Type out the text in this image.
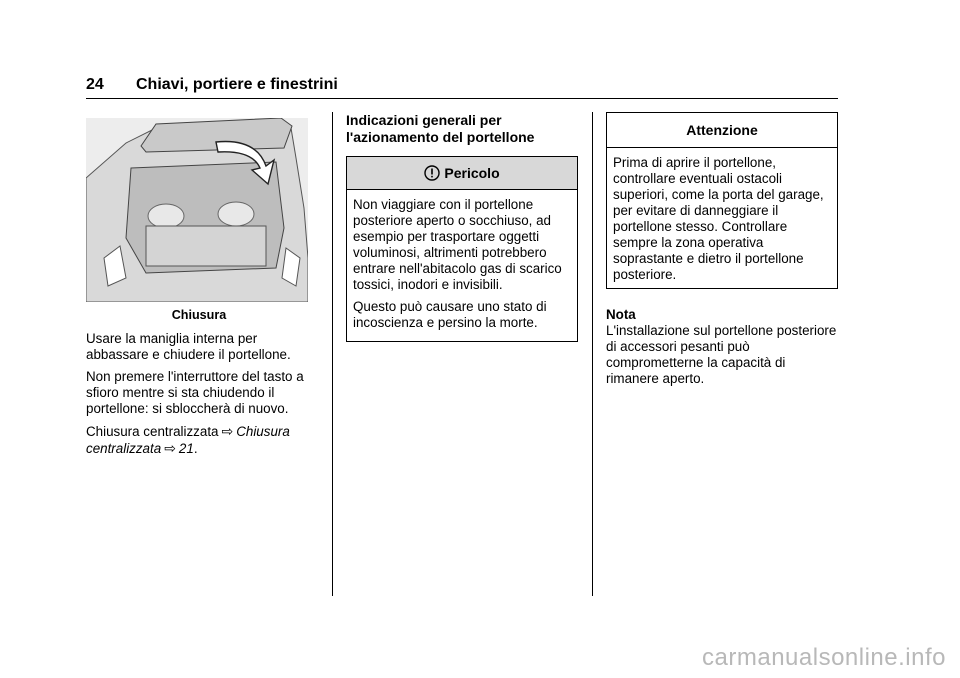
24 Chiavi, portiere e finestrini
Chiusura

Usare la maniglia interna per abbassare e chiudere il portellone.

Non premere l'interruttore del tasto a sfioro mentre si sta chiudendo il portellone: si sbloccherà di nuovo.

Chiusura centralizzata ⇨ Chiusura
centralizzata ⇨ 21.

Indicazioni generali per l'azionamento del portellone
Pericolo

Non viaggiare con il portellone posteriore aperto o socchiuso, ad esempio per trasportare oggetti voluminosi, altrimenti potrebbero entrare nell'abitacolo gas di scarico tossici, inodori e invisibili.

Questo può causare uno stato di incoscienza e persino la morte.

Attenzione
Prima di aprire il portellone, controllare eventuali ostacoli superiori, come la porta del garage, per evitare di danneggiare il portellone stesso. Controllare sempre la zona operativa soprastante e dietro il portellone posteriore.

Nota

L'installazione sul portellone posteriore di accessori pesanti può comprometterne la capacità di rimanere aperto.

carmanualsonline.info
